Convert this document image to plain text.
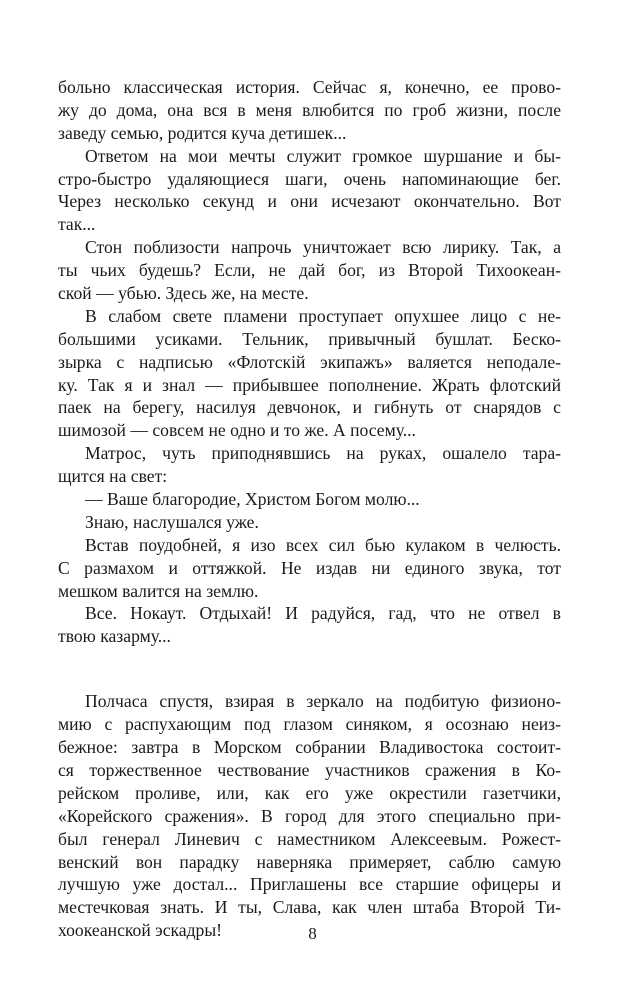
больно классическая история. Сейчас я, конечно, ее прово-
жу до дома, она вся в меня влюбится по гроб жизни, после
заведу семью, родится куча детишек...
Ответом на мои мечты служит громкое шуршание и бы-
стро-быстро удаляющиеся шаги, очень напоминающие бег.
Через несколько секунд и они исчезают окончательно. Вот
так...
Стон поблизости напрочь уничтожает всю лирику. Так, а
ты чьих будешь? Если, не дай бог, из Второй Тихоокеан-
ской — убью. Здесь же, на месте.
В слабом свете пламени проступает опухшее лицо с не-
большими усиками. Тельник, привычный бушлат. Беско-
зырка с надписью «Флотскiй экипажъ» валяется неподале-
ку. Так я и знал — прибывшее пополнение. Жрать флотский
паек на берегу, насилуя девчонок, и гибнуть от снарядов с
шимозой — совсем не одно и то же. А посему...
Матрос, чуть приподнявшись на руках, ошалело тара-
щится на свет:
— Ваше благородие, Христом Богом молю...
Знаю, наслушался уже.
Встав поудобней, я изо всех сил бью кулаком в челюсть.
С размахом и оттяжкой. Не издав ни единого звука, тот
мешком валится на землю.
Все. Нокаут. Отдыхай! И радуйся, гад, что не отвел в
твою казарму...
Полчаса спустя, взирая в зеркало на подбитую физионо-
мию с распухающим под глазом синяком, я осознаю неиз-
бежное: завтра в Морском собрании Владивостока состоит-
ся торжественное чествование участников сражения в Ко-
рейском проливе, или, как его уже окрестили газетчики,
«Корейского сражения». В город для этого специально при-
был генерал Линевич с наместником Алексеевым. Рожест-
венский вон парадку наверняка примеряет, саблю самую
лучшую уже достал... Приглашены все старшие офицеры и
местечковая знать. И ты, Слава, как член штаба Второй Ти-
хоокеанской эскадры!	8
